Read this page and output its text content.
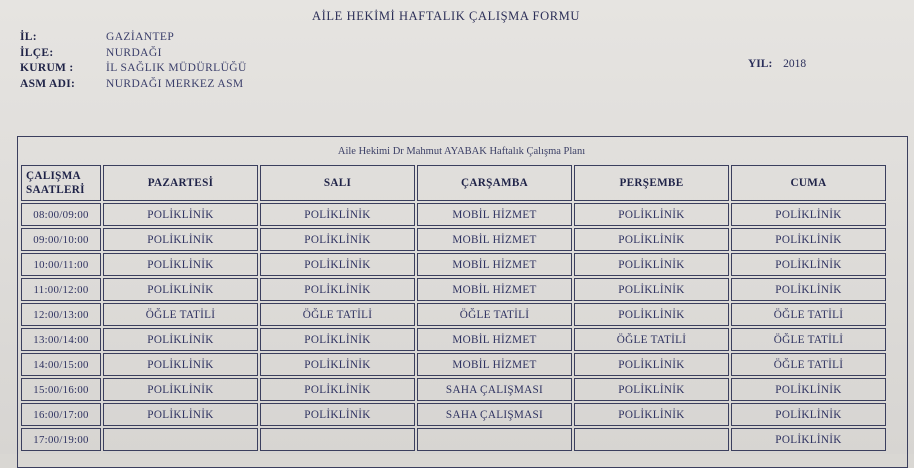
AİLE HEKİMİ HAFTALIK ÇALIŞMA FORMU
İL:	GAZİANTEP
İLÇE:	NURDAĞI
KURUM :	İL SAĞLIK MÜDÜRLÜĞÜ
ASM ADI:	NURDAĞI MERKEZ ASM
YIL: 2018
Aile Hekimi Dr Mahmut AYABAK Haftalık Çalışma Planı
ÇALIŞMA
SAATLERİ	PAZARTESİ	SALI	ÇARŞAMBA	PERŞEMBE	CUMA
08:00/09:00	POLİKLİNİK	POLİKLİNİK	MOBİL HİZMET	POLİKLİNİK	POLİKLİNİK
09:00/10:00	POLİKLİNİK	POLİKLİNİK	MOBİL HİZMET	POLİKLİNİK	POLİKLİNİK
10:00/11:00	POLİKLİNİK	POLİKLİNİK	MOBİL HİZMET	POLİKLİNİK	POLİKLİNİK
11:00/12:00	POLİKLİNİK	POLİKLİNİK	MOBİL HİZMET	POLİKLİNİK	POLİKLİNİK
12:00/13:00	ÖĞLE TATİLİ	ÖĞLE TATİLİ	ÖĞLE TATİLİ	POLİKLİNİK	ÖĞLE TATİLİ
13:00/14:00	POLİKLİNİK	POLİKLİNİK	MOBİL HİZMET	ÖĞLE TATİLİ	ÖĞLE TATİLİ
14:00/15:00	POLİKLİNİK	POLİKLİNİK	MOBİL HİZMET	POLİKLİNİK	ÖĞLE TATİLİ
15:00/16:00	POLİKLİNİK	POLİKLİNİK	SAHA ÇALIŞMASI	POLİKLİNİK	POLİKLİNİK
16:00/17:00	POLİKLİNİK	POLİKLİNİK	SAHA ÇALIŞMASI	POLİKLİNİK	POLİKLİNİK
17:00/19:00					POLİKLİNİK
